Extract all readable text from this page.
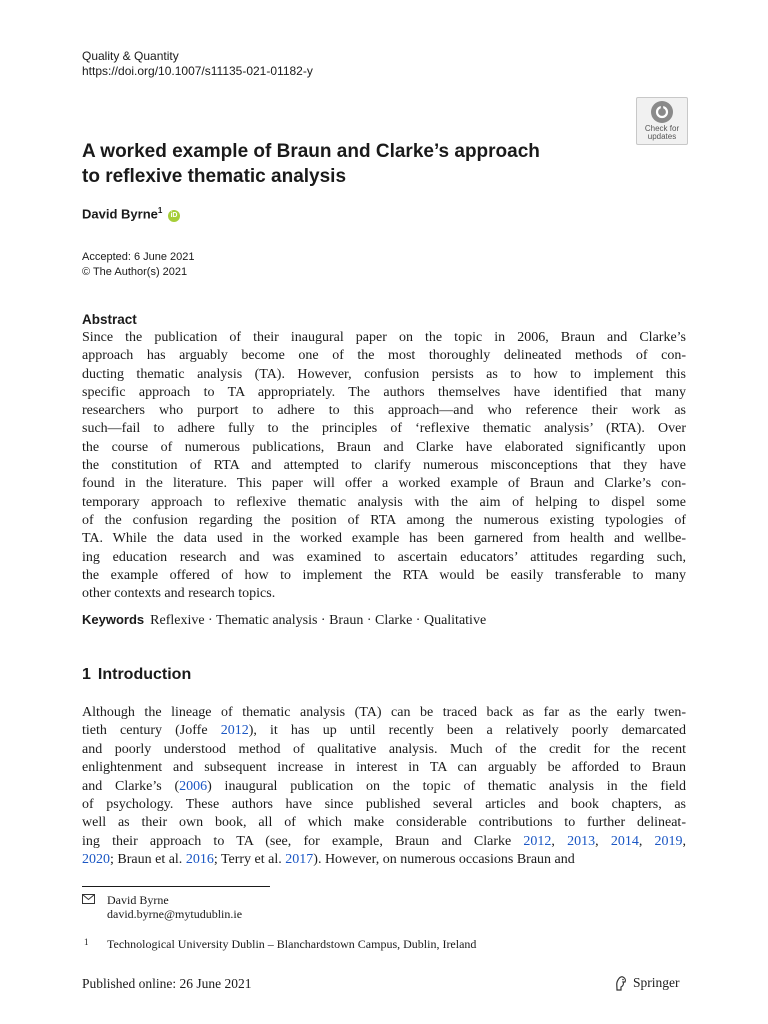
Quality & Quantity
https://doi.org/10.1007/s11135-021-01182-y
Check for
updates
A worked example of Braun and Clarke’s approach
to reflexive thematic analysis
David Byrne$^1$ iD
Accepted: 6 June 2021
© The Author(s) 2021
Abstract
Since the publication of their inaugural paper on the topic in 2006, Braun and Clarke’s
approach has arguably become one of the most thoroughly delineated methods of con-
ducting thematic analysis (TA). However, confusion persists as to how to implement this
specific approach to TA appropriately. The authors themselves have identified that many
researchers who purport to adhere to this approach—and who reference their work as
such—fail to adhere fully to the principles of ‘reflexive thematic analysis’ (RTA). Over
the course of numerous publications, Braun and Clarke have elaborated significantly upon
the constitution of RTA and attempted to clarify numerous misconceptions that they have
found in the literature. This paper will offer a worked example of Braun and Clarke’s con-
temporary approach to reflexive thematic analysis with the aim of helping to dispel some
of the confusion regarding the position of RTA among the numerous existing typologies of
TA. While the data used in the worked example has been garnered from health and wellbe-
ing education research and was examined to ascertain educators’ attitudes regarding such,
the example offered of how to implement the RTA would be easily transferable to many
other contexts and research topics.
Keywords Reflexive · Thematic analysis · Braun · Clarke · Qualitative
1 Introduction
Although the lineage of thematic analysis (TA) can be traced back as far as the early twen-
tieth century (Joffe 2012), it has up until recently been a relatively poorly demarcated
and poorly understood method of qualitative analysis. Much of the credit for the recent
enlightenment and subsequent increase in interest in TA can arguably be afforded to Braun
and Clarke’s (2006) inaugural publication on the topic of thematic analysis in the field
of psychology. These authors have since published several articles and book chapters, as
well as their own book, all of which make considerable contributions to further delineat-
ing their approach to TA (see, for example, Braun and Clarke 2012, 2013, 2014, 2019,
2020; Braun et al. 2016; Terry et al. 2017). However, on numerous occasions Braun and
David Byrne
david.byrne@mytudublin.ie
1 Technological University Dublin – Blanchardstown Campus, Dublin, Ireland
Published online: 26 June 2021	Springer
